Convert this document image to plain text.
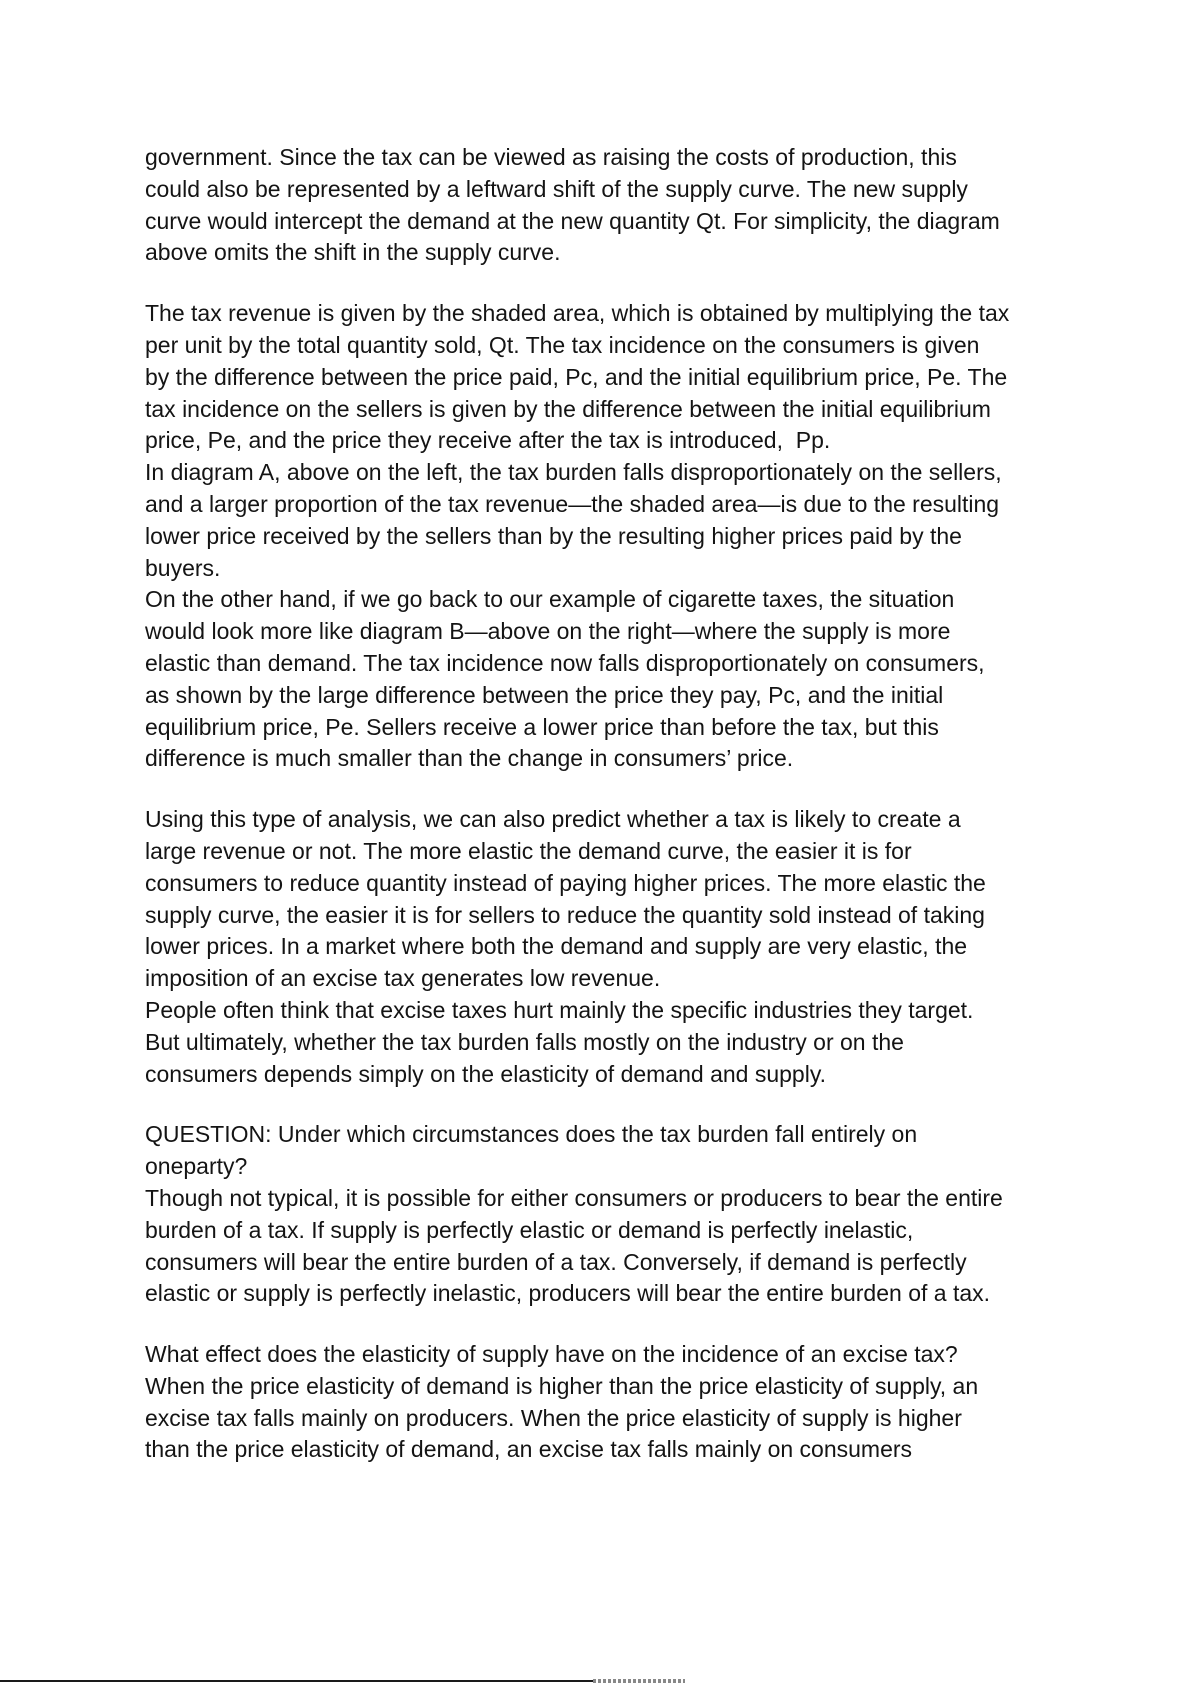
government. Since the tax can be viewed as raising the costs of production, this
could also be represented by a leftward shift of the supply curve. The new supply
curve would intercept the demand at the new quantity Qt. For simplicity, the diagram
above omits the shift in the supply curve.
The tax revenue is given by the shaded area, which is obtained by multiplying the tax
per unit by the total quantity sold, Qt. The tax incidence on the consumers is given
by the difference between the price paid, Pc, and the initial equilibrium price, Pe. The
tax incidence on the sellers is given by the difference between the initial equilibrium
price, Pe, and the price they receive after the tax is introduced,  Pp.
In diagram A, above on the left, the tax burden falls disproportionately on the sellers,
and a larger proportion of the tax revenue—the shaded area—is due to the resulting
lower price received by the sellers than by the resulting higher prices paid by the
buyers.
On the other hand, if we go back to our example of cigarette taxes, the situation
would look more like diagram B—above on the right—where the supply is more
elastic than demand. The tax incidence now falls disproportionately on consumers,
as shown by the large difference between the price they pay, Pc, and the initial
equilibrium price, Pe. Sellers receive a lower price than before the tax, but this
difference is much smaller than the change in consumers’ price.
Using this type of analysis, we can also predict whether a tax is likely to create a
large revenue or not. The more elastic the demand curve, the easier it is for
consumers to reduce quantity instead of paying higher prices. The more elastic the
supply curve, the easier it is for sellers to reduce the quantity sold instead of taking
lower prices. In a market where both the demand and supply are very elastic, the
imposition of an excise tax generates low revenue.
People often think that excise taxes hurt mainly the specific industries they target.
But ultimately, whether the tax burden falls mostly on the industry or on the
consumers depends simply on the elasticity of demand and supply.
QUESTION: Under which circumstances does the tax burden fall entirely on
oneparty?
Though not typical, it is possible for either consumers or producers to bear the entire
burden of a tax. If supply is perfectly elastic or demand is perfectly inelastic,
consumers will bear the entire burden of a tax. Conversely, if demand is perfectly
elastic or supply is perfectly inelastic, producers will bear the entire burden of a tax.
What effect does the elasticity of supply have on the incidence of an excise tax?
When the price elasticity of demand is higher than the price elasticity of supply, an
excise tax falls mainly on producers. When the price elasticity of supply is higher
than the price elasticity of demand, an excise tax falls mainly on consumers
